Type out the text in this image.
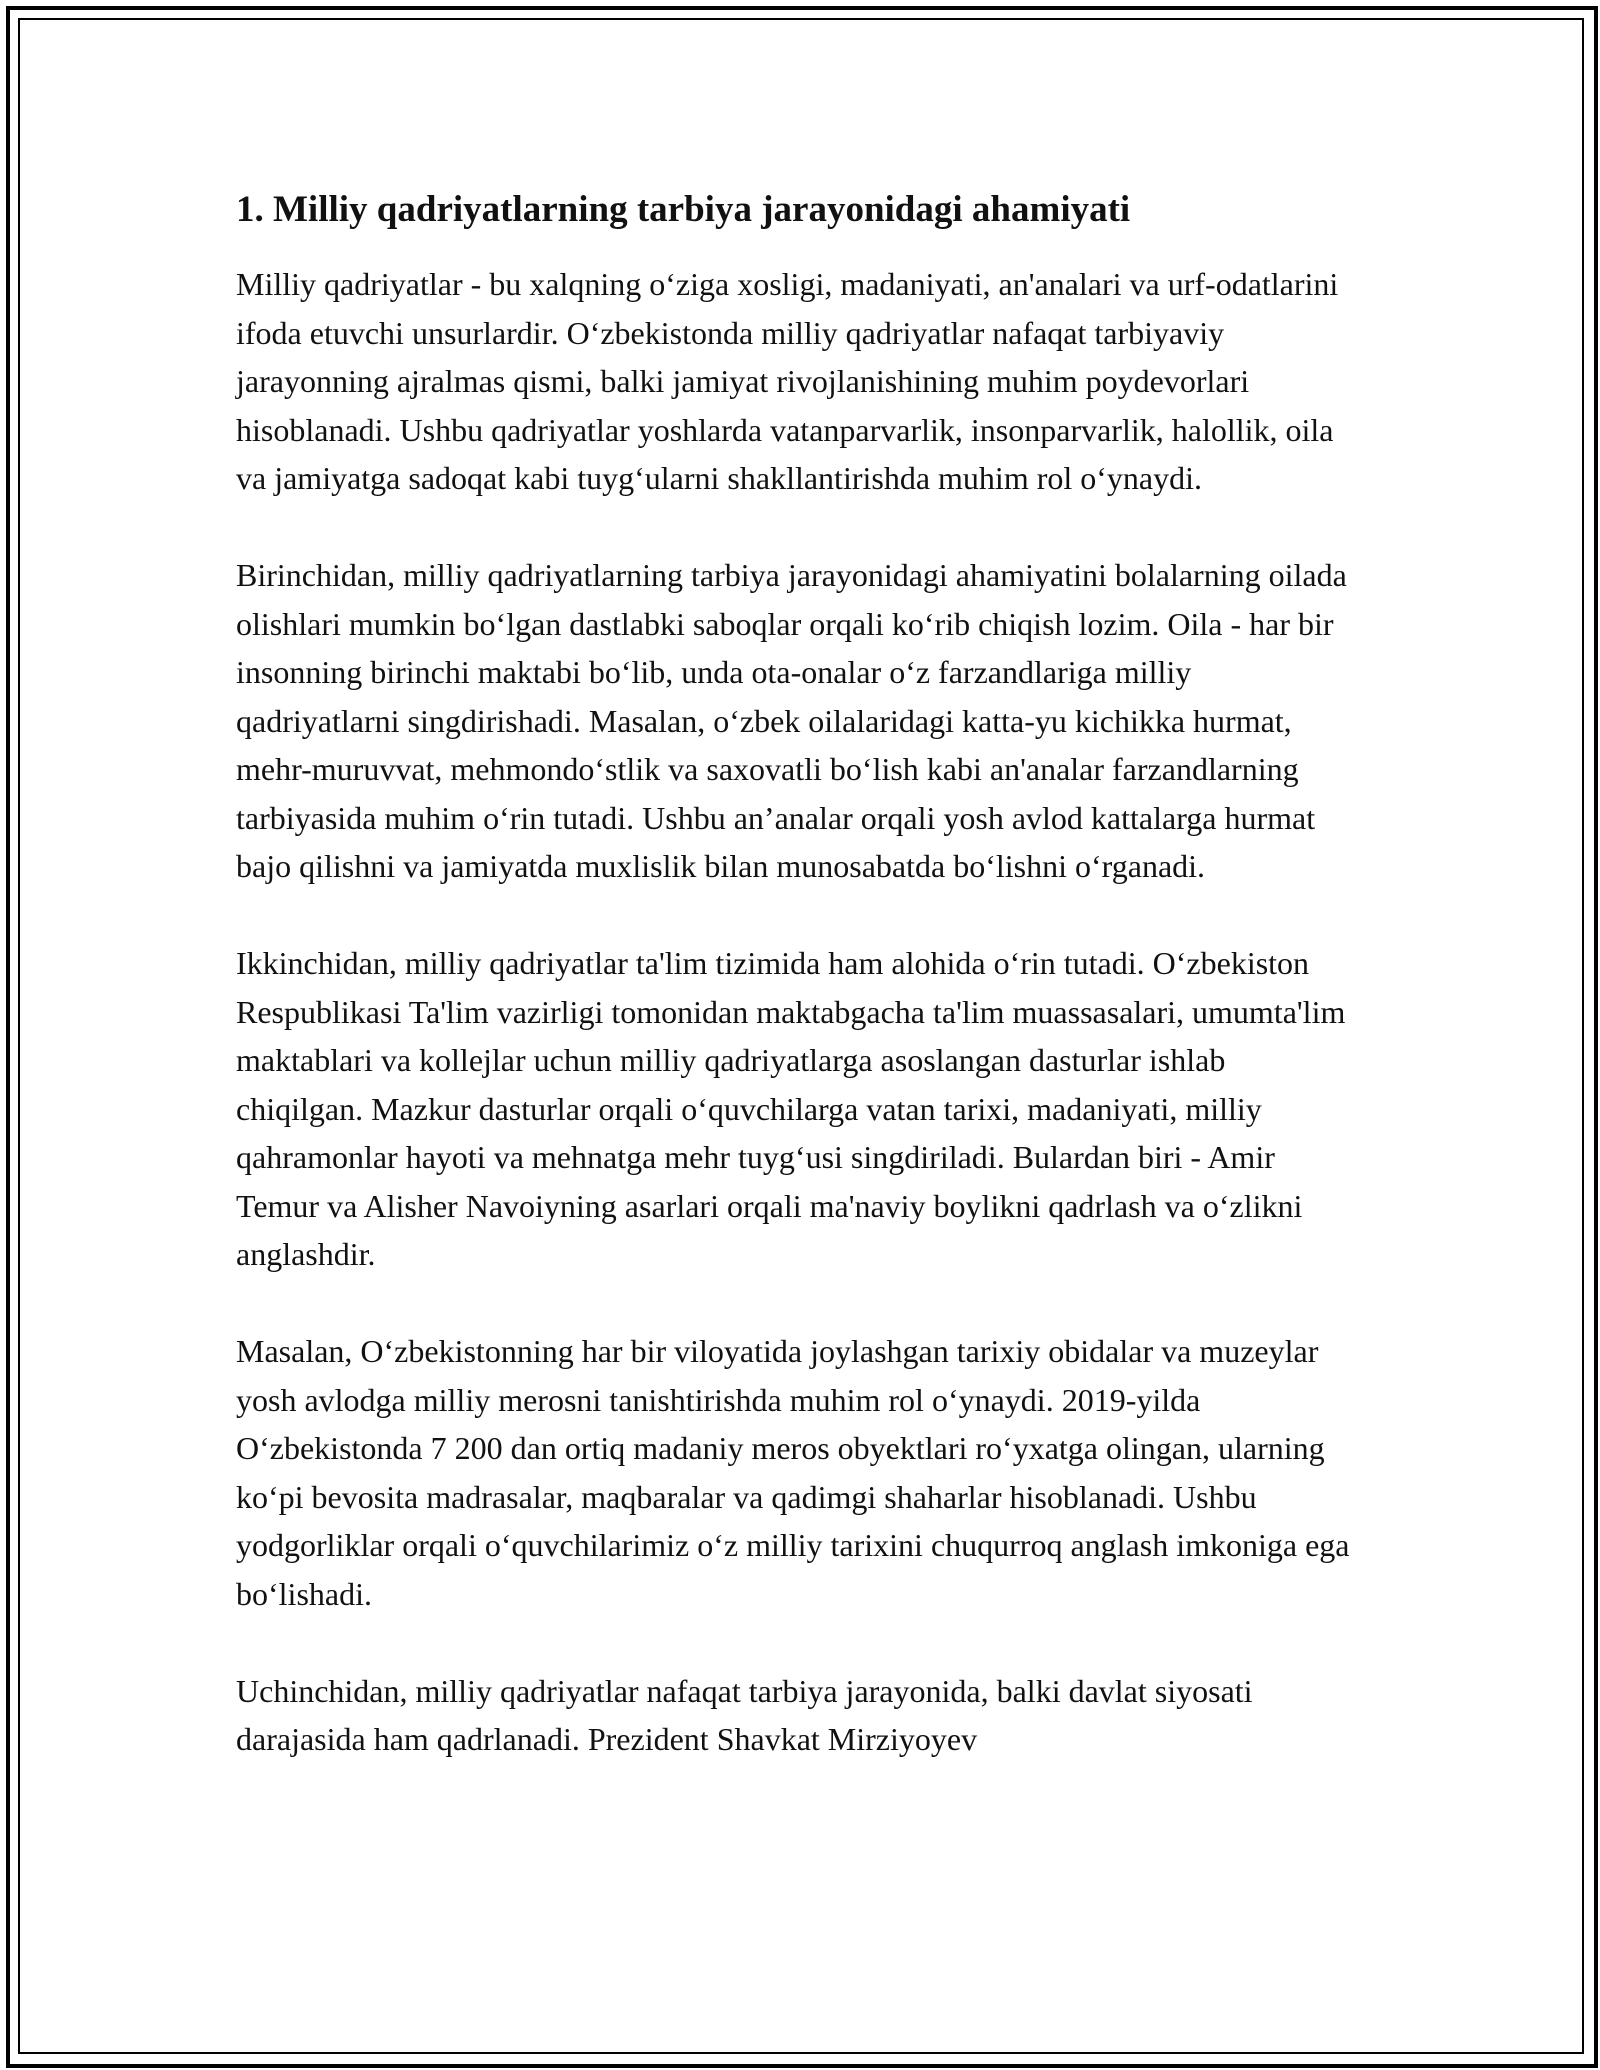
1. Milliy qadriyatlarning tarbiya jarayonidagi ahamiyati

Milliy qadriyatlar - bu xalqning o‘ziga xosligi, madaniyati, an'analari va urf-odatlarini ifoda etuvchi unsurlardir. O‘zbekistonda milliy qadriyatlar nafaqat tarbiyaviy jarayonning ajralmas qismi, balki jamiyat rivojlanishining muhim poydevorlari hisoblanadi. Ushbu qadriyatlar yoshlarda vatanparvarlik, insonparvarlik, halollik, oila va jamiyatga sadoqat kabi tuyg‘ularni shakllantirishda muhim rol o‘ynaydi.

Birinchidan, milliy qadriyatlarning tarbiya jarayonidagi ahamiyatini bolalarning oilada olishlari mumkin bo‘lgan dastlabki saboqlar orqali ko‘rib chiqish lozim. Oila - har bir insonning birinchi maktabi bo‘lib, unda ota-onalar o‘z farzandlariga milliy qadriyatlarni singdirishadi. Masalan, o‘zbek oilalaridagi katta-yu kichikka hurmat, mehr-muruvvat, mehmondo‘stlik va saxovatli bo‘lish kabi an'analar farzandlarning tarbiyasida muhim o‘rin tutadi. Ushbu an’analar orqali yosh avlod kattalarga hurmat bajo qilishni va jamiyatda muxlislik bilan munosabatda bo‘lishni o‘rganadi.

Ikkinchidan, milliy qadriyatlar ta'lim tizimida ham alohida o‘rin tutadi. O‘zbekiston Respublikasi Ta'lim vazirligi tomonidan maktabgacha ta'lim muassasalari, umumta'lim maktablari va kollejlar uchun milliy qadriyatlarga asoslangan dasturlar ishlab chiqilgan. Mazkur dasturlar orqali o‘quvchilarga vatan tarixi, madaniyati, milliy qahramonlar hayoti va mehnatga mehr tuyg‘usi singdiriladi. Bulardan biri - Amir Temur va Alisher Navoiyning asarlari orqali ma'naviy boylikni qadrlash va o‘zlikni anglashdir.

Masalan, O‘zbekistonning har bir viloyatida joylashgan tarixiy obidalar va muzeylar yosh avlodga milliy merosni tanishtirishda muhim rol o‘ynaydi. 2019-yilda O‘zbekistonda 7 200 dan ortiq madaniy meros obyektlari ro‘yxatga olingan, ularning ko‘pi bevosita madrasalar, maqbaralar va qadimgi shaharlar hisoblanadi. Ushbu yodgorliklar orqali o‘quvchilarimiz o‘z milliy tarixini chuqurroq anglash imkoniga ega bo‘lishadi.

Uchinchidan, milliy qadriyatlar nafaqat tarbiya jarayonida, balki davlat siyosati darajasida ham qadrlanadi. Prezident Shavkat Mirziyoyev
